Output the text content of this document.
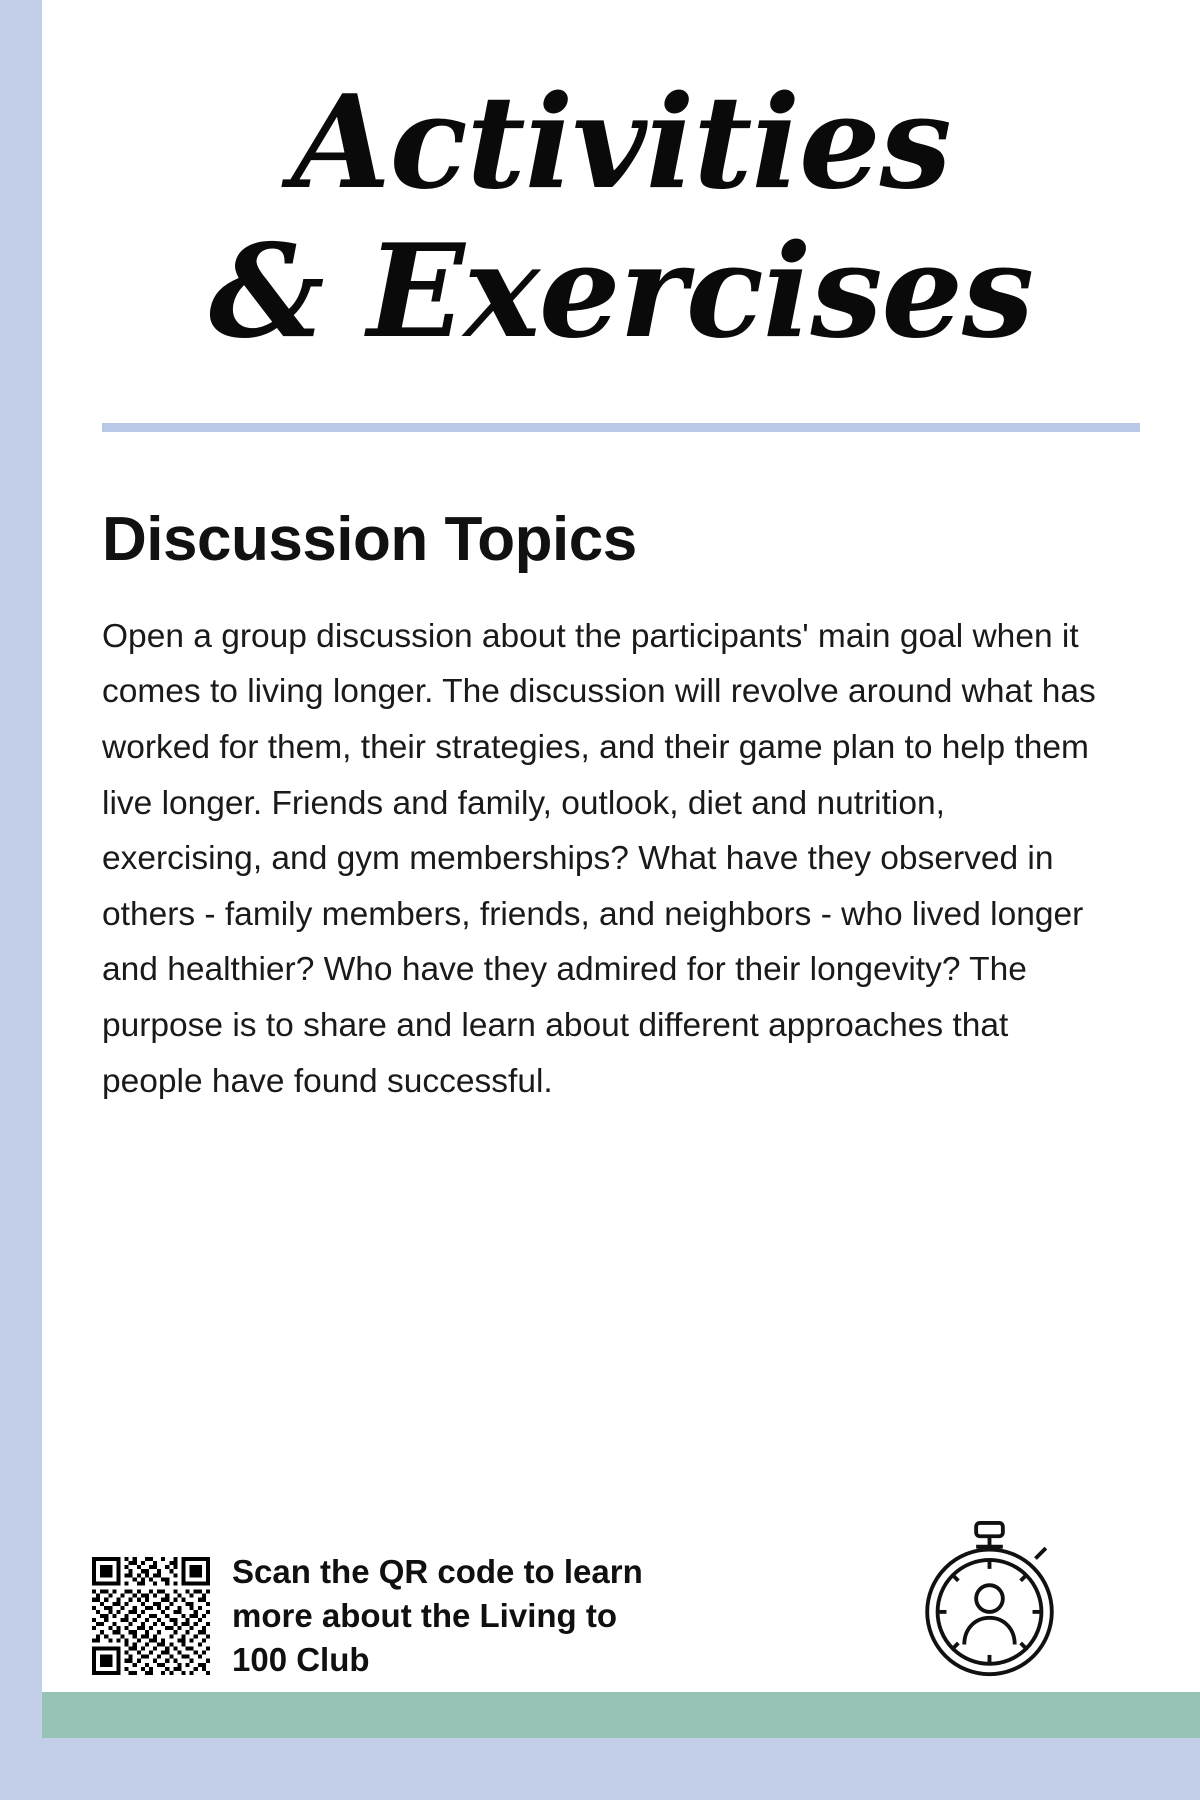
Activities
& Exercises
Discussion Topics
Open a group discussion about the participants' main goal when it comes to living longer. The discussion will revolve around what has worked for them, their strategies, and their game plan to help them live longer. Friends and family, outlook, diet and nutrition, exercising, and gym memberships? What have they observed in others - family members, friends, and neighbors - who lived longer and healthier? Who have they admired for their longevity? The purpose is to share and learn about different approaches that people have found successful.
Scan the QR code to learn more about the Living to 100 Club
